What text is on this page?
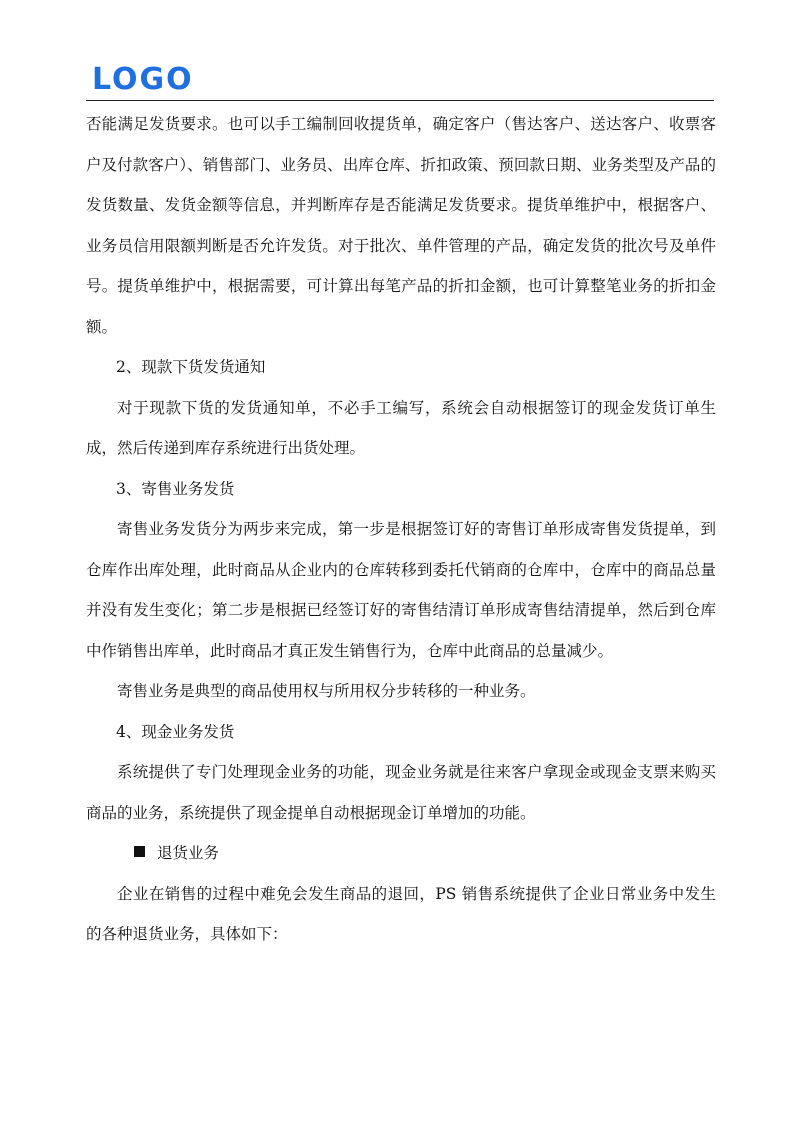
LOGO

否能满足发货要求。也可以手工编制回收提货单，确定客户（售达客户、送达客户、收票客户及付款客户）、销售部门、业务员、出库仓库、折扣政策、预回款日期、业务类型及产品的发货数量、发货金额等信息，并判断库存是否能满足发货要求。提货单维护中，根据客户、业务员信用限额判断是否允许发货。对于批次、单件管理的产品，确定发货的批次号及单件号。提货单维护中，根据需要，可计算出每笔产品的折扣金额，也可计算整笔业务的折扣金额。

2、现款下货发货通知

对于现款下货的发货通知单，不必手工编写，系统会自动根据签订的现金发货订单生成，然后传递到库存系统进行出货处理。

3、寄售业务发货

寄售业务发货分为两步来完成，第一步是根据签订好的寄售订单形成寄售发货提单，到仓库作出库处理，此时商品从企业内的仓库转移到委托代销商的仓库中，仓库中的商品总量并没有发生变化；第二步是根据已经签订好的寄售结清订单形成寄售结清提单，然后到仓库中作销售出库单，此时商品才真正发生销售行为，仓库中此商品的总量减少。

寄售业务是典型的商品使用权与所用权分步转移的一种业务。

4、现金业务发货

系统提供了专门处理现金业务的功能，现金业务就是往来客户拿现金或现金支票来购买商品的业务，系统提供了现金提单自动根据现金订单增加的功能。

退货业务

企业在销售的过程中难免会发生商品的退回，PS 销售系统提供了企业日常业务中发生的各种退货业务，具体如下：
